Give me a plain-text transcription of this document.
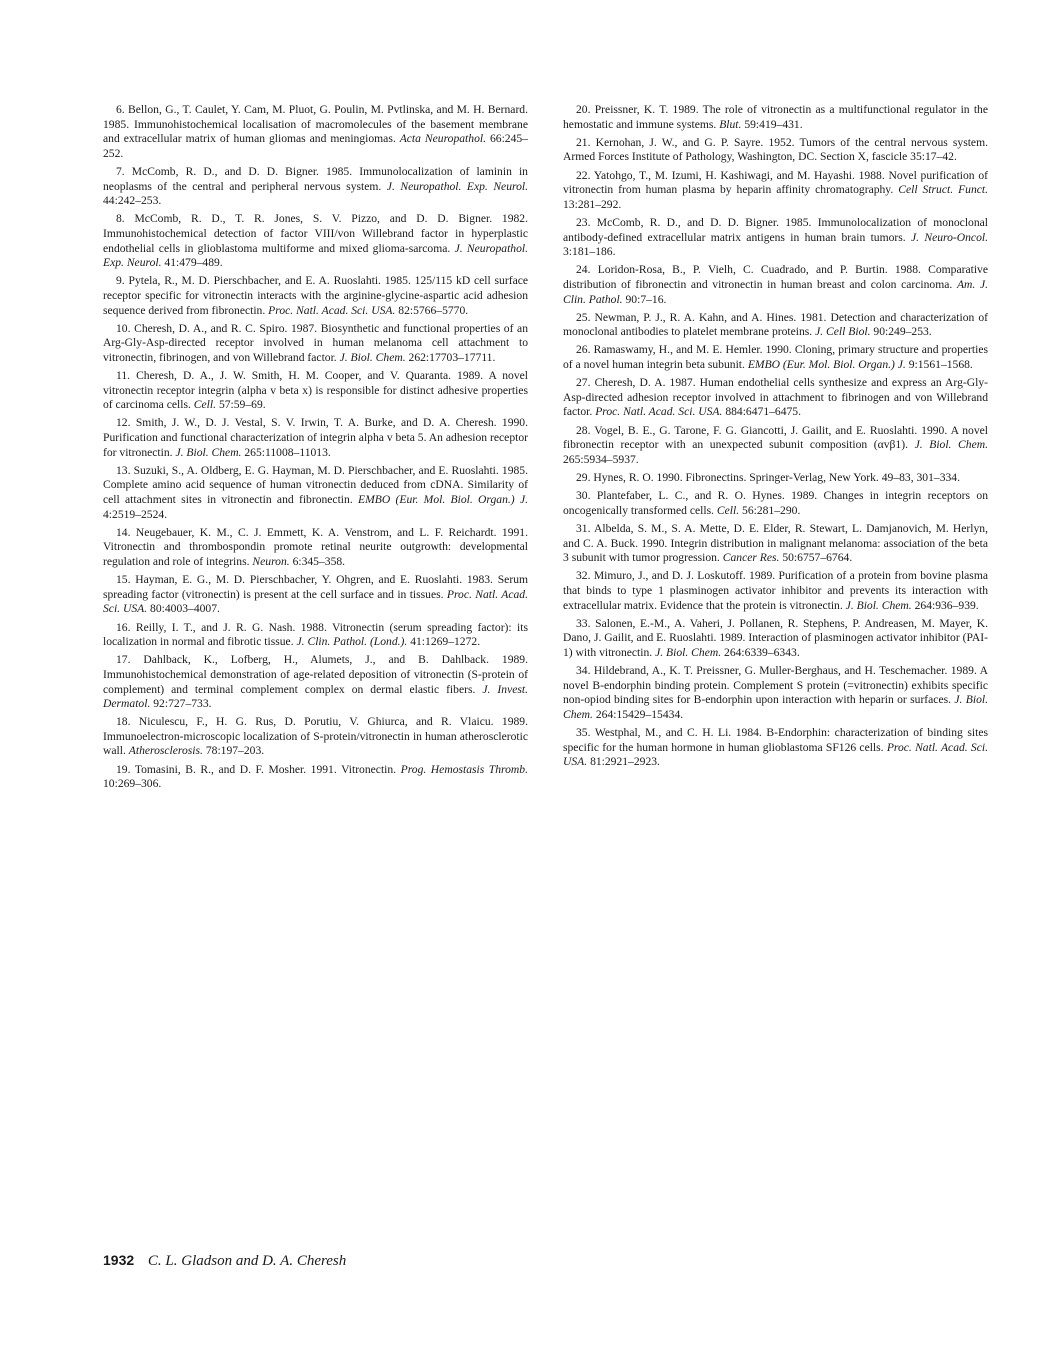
6. Bellon, G., T. Caulet, Y. Cam, M. Pluot, G. Poulin, M. Pvtlinska, and M. H. Bernard. 1985. Immunohistochemical localisation of macromolecules of the basement membrane and extracellular matrix of human gliomas and meningiomas. Acta Neuropathol. 66:245–252.

7. McComb, R. D., and D. D. Bigner. 1985. Immunolocalization of laminin in neoplasms of the central and peripheral nervous system. J. Neuropathol. Exp. Neurol. 44:242–253.

8. McComb, R. D., T. R. Jones, S. V. Pizzo, and D. D. Bigner. 1982. Immunohistochemical detection of factor VIII/von Willebrand factor in hyperplastic endothelial cells in glioblastoma multiforme and mixed glioma-sarcoma. J. Neuropathol. Exp. Neurol. 41:479–489.

9. Pytela, R., M. D. Pierschbacher, and E. A. Ruoslahti. 1985. 125/115 kD cell surface receptor specific for vitronectin interacts with the arginine-glycine-aspartic acid adhesion sequence derived from fibronectin. Proc. Natl. Acad. Sci. USA. 82:5766–5770.

10. Cheresh, D. A., and R. C. Spiro. 1987. Biosynthetic and functional properties of an Arg-Gly-Asp-directed receptor involved in human melanoma cell attachment to vitronectin, fibrinogen, and von Willebrand factor. J. Biol. Chem. 262:17703–17711.

11. Cheresh, D. A., J. W. Smith, H. M. Cooper, and V. Quaranta. 1989. A novel vitronectin receptor integrin (alpha v beta x) is responsible for distinct adhesive properties of carcinoma cells. Cell. 57:59–69.

12. Smith, J. W., D. J. Vestal, S. V. Irwin, T. A. Burke, and D. A. Cheresh. 1990. Purification and functional characterization of integrin alpha v beta 5. An adhesion receptor for vitronectin. J. Biol. Chem. 265:11008–11013.

13. Suzuki, S., A. Oldberg, E. G. Hayman, M. D. Pierschbacher, and E. Ruoslahti. 1985. Complete amino acid sequence of human vitronectin deduced from cDNA. Similarity of cell attachment sites in vitronectin and fibronectin. EMBO (Eur. Mol. Biol. Organ.) J. 4:2519–2524.

14. Neugebauer, K. M., C. J. Emmett, K. A. Venstrom, and L. F. Reichardt. 1991. Vitronectin and thrombospondin promote retinal neurite outgrowth: developmental regulation and role of integrins. Neuron. 6:345–358.

15. Hayman, E. G., M. D. Pierschbacher, Y. Ohgren, and E. Ruoslahti. 1983. Serum spreading factor (vitronectin) is present at the cell surface and in tissues. Proc. Natl. Acad. Sci. USA. 80:4003–4007.

16. Reilly, I. T., and J. R. G. Nash. 1988. Vitronectin (serum spreading factor): its localization in normal and fibrotic tissue. J. Clin. Pathol. (Lond.). 41:1269–1272.

17. Dahlback, K., Lofberg, H., Alumets, J., and B. Dahlback. 1989. Immunohistochemical demonstration of age-related deposition of vitronectin (S-protein of complement) and terminal complement complex on dermal elastic fibers. J. Invest. Dermatol. 92:727–733.

18. Niculescu, F., H. G. Rus, D. Porutiu, V. Ghiurca, and R. Vlaicu. 1989. Immunoelectron-microscopic localization of S-protein/vitronectin in human atherosclerotic wall. Atherosclerosis. 78:197–203.

19. Tomasini, B. R., and D. F. Mosher. 1991. Vitronectin. Prog. Hemostasis Thromb. 10:269–306.

20. Preissner, K. T. 1989. The role of vitronectin as a multifunctional regulator in the hemostatic and immune systems. Blut. 59:419–431.

21. Kernohan, J. W., and G. P. Sayre. 1952. Tumors of the central nervous system. Armed Forces Institute of Pathology, Washington, DC. Section X, fascicle 35:17–42.

22. Yatohgo, T., M. Izumi, H. Kashiwagi, and M. Hayashi. 1988. Novel purification of vitronectin from human plasma by heparin affinity chromatography. Cell Struct. Funct. 13:281–292.

23. McComb, R. D., and D. D. Bigner. 1985. Immunolocalization of monoclonal antibody-defined extracellular matrix antigens in human brain tumors. J. Neuro-Oncol. 3:181–186.

24. Loridon-Rosa, B., P. Vielh, C. Cuadrado, and P. Burtin. 1988. Comparative distribution of fibronectin and vitronectin in human breast and colon carcinoma. Am. J. Clin. Pathol. 90:7–16.

25. Newman, P. J., R. A. Kahn, and A. Hines. 1981. Detection and characterization of monoclonal antibodies to platelet membrane proteins. J. Cell Biol. 90:249–253.

26. Ramaswamy, H., and M. E. Hemler. 1990. Cloning, primary structure and properties of a novel human integrin beta subunit. EMBO (Eur. Mol. Biol. Organ.) J. 9:1561–1568.

27. Cheresh, D. A. 1987. Human endothelial cells synthesize and express an Arg-Gly-Asp-directed adhesion receptor involved in attachment to fibrinogen and von Willebrand factor. Proc. Natl. Acad. Sci. USA. 884:6471–6475.

28. Vogel, B. E., G. Tarone, F. G. Giancotti, J. Gailit, and E. Ruoslahti. 1990. A novel fibronectin receptor with an unexpected subunit composition (αvβ1). J. Biol. Chem. 265:5934–5937.

29. Hynes, R. O. 1990. Fibronectins. Springer-Verlag, New York. 49–83, 301–334.

30. Plantefaber, L. C., and R. O. Hynes. 1989. Changes in integrin receptors on oncogenically transformed cells. Cell. 56:281–290.

31. Albelda, S. M., S. A. Mette, D. E. Elder, R. Stewart, L. Damjanovich, M. Herlyn, and C. A. Buck. 1990. Integrin distribution in malignant melanoma: association of the beta 3 subunit with tumor progression. Cancer Res. 50:6757–6764.

32. Mimuro, J., and D. J. Loskutoff. 1989. Purification of a protein from bovine plasma that binds to type 1 plasminogen activator inhibitor and prevents its interaction with extracellular matrix. Evidence that the protein is vitronectin. J. Biol. Chem. 264:936–939.

33. Salonen, E.-M., A. Vaheri, J. Pollanen, R. Stephens, P. Andreasen, M. Mayer, K. Dano, J. Gailit, and E. Ruoslahti. 1989. Interaction of plasminogen activator inhibitor (PAI-1) with vitronectin. J. Biol. Chem. 264:6339–6343.

34. Hildebrand, A., K. T. Preissner, G. Muller-Berghaus, and H. Teschemacher. 1989. A novel B-endorphin binding protein. Complement S protein (=vitronectin) exhibits specific non-opiod binding sites for B-endorphin upon interaction with heparin or surfaces. J. Biol. Chem. 264:15429–15434.

35. Westphal, M., and C. H. Li. 1984. B-Endorphin: characterization of binding sites specific for the human hormone in human glioblastoma SF126 cells. Proc. Natl. Acad. Sci. USA. 81:2921–2923.

1932 C. L. Gladson and D. A. Cheresh
